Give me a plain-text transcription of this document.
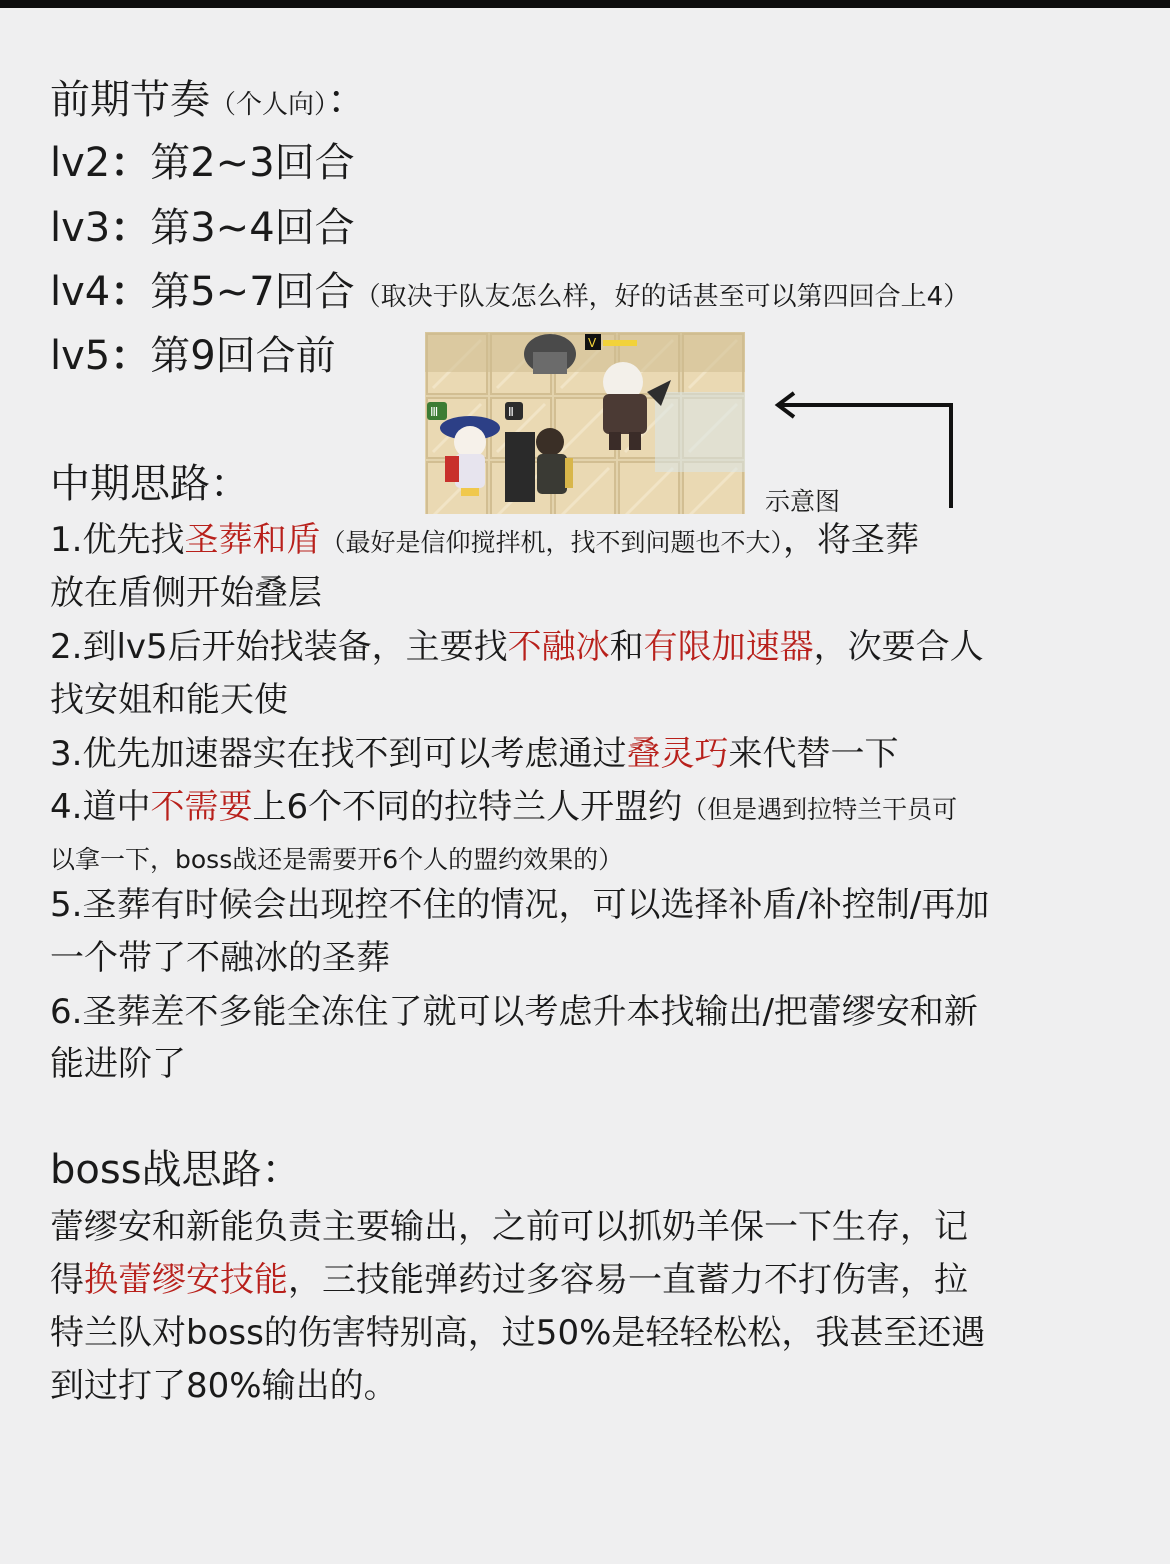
前期节奏（个人向）：
lv2：第2~3回合
lv3：第3~4回合
lv4：第5~7回合（取决于队友怎么样，好的话甚至可以第四回合上4）
lv5：第9回合前	V
Ⅲ	Ⅱ
示意图
中期思路：
1.优先找圣葬和盾（最好是信仰搅拌机，找不到问题也不大），将圣葬
放在盾侧开始叠层
2.到lv5后开始找装备，主要找不融冰和有限加速器，次要合人
找安姐和能天使
3.优先加速器实在找不到可以考虑通过叠灵巧来代替一下
4.道中不需要上6个不同的拉特兰人开盟约（但是遇到拉特兰干员可
以拿一下，boss战还是需要开6个人的盟约效果的）
5.圣葬有时候会出现控不住的情况，可以选择补盾/补控制/再加
一个带了不融冰的圣葬
6.圣葬差不多能全冻住了就可以考虑升本找输出/把蕾缪安和新
能进阶了
boss战思路：
蕾缪安和新能负责主要输出，之前可以抓奶羊保一下生存，记
得换蕾缪安技能，三技能弹药过多容易一直蓄力不打伤害，拉
特兰队对boss的伤害特别高，过50%是轻轻松松，我甚至还遇
到过打了80%输出的。
